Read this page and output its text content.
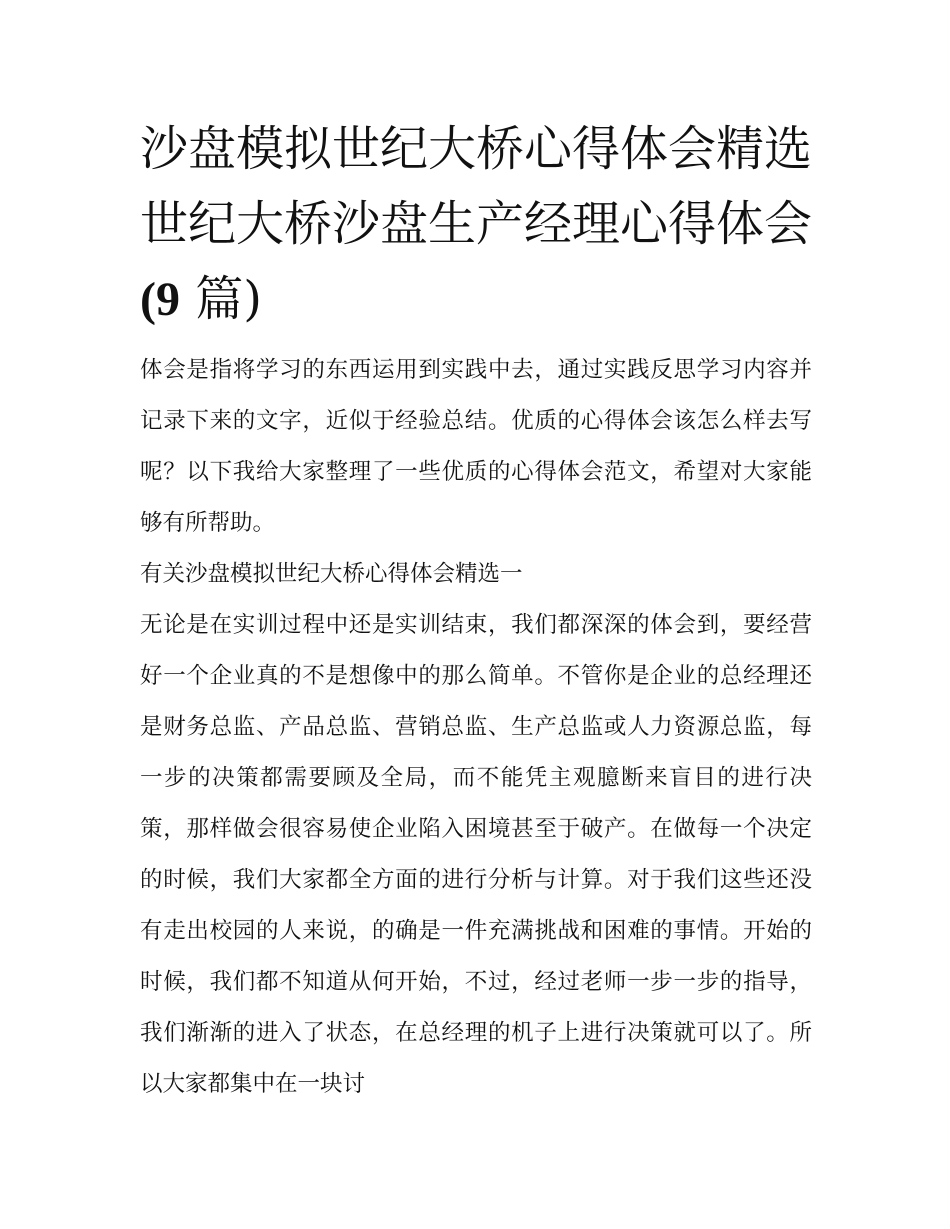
沙盘模拟世纪大桥心得体会精选 世纪大桥沙盘生产经理心得体会(9 篇)

体会是指将学习的东西运用到实践中去，通过实践反思学习内容并记录下来的文字，近似于经验总结。优质的心得体会该怎么样去写呢？以下我给大家整理了一些优质的心得体会范文，希望对大家能够有所帮助。

有关沙盘模拟世纪大桥心得体会精选一

无论是在实训过程中还是实训结束，我们都深深的体会到，要经营好一个企业真的不是想像中的那么简单。不管你是企业的总经理还是财务总监、产品总监、营销总监、生产总监或人力资源总监，每一步的决策都需要顾及全局，而不能凭主观臆断来盲目的进行决策，那样做会很容易使企业陷入困境甚至于破产。在做每一个决定的时候，我们大家都全方面的进行分析与计算。对于我们这些还没有走出校园的人来说，的确是一件充满挑战和困难的事情。开始的时候，我们都不知道从何开始，不过，经过老师一步一步的指导，我们渐渐的进入了状态，在总经理的机子上进行决策就可以了。所以大家都集中在一块讨
